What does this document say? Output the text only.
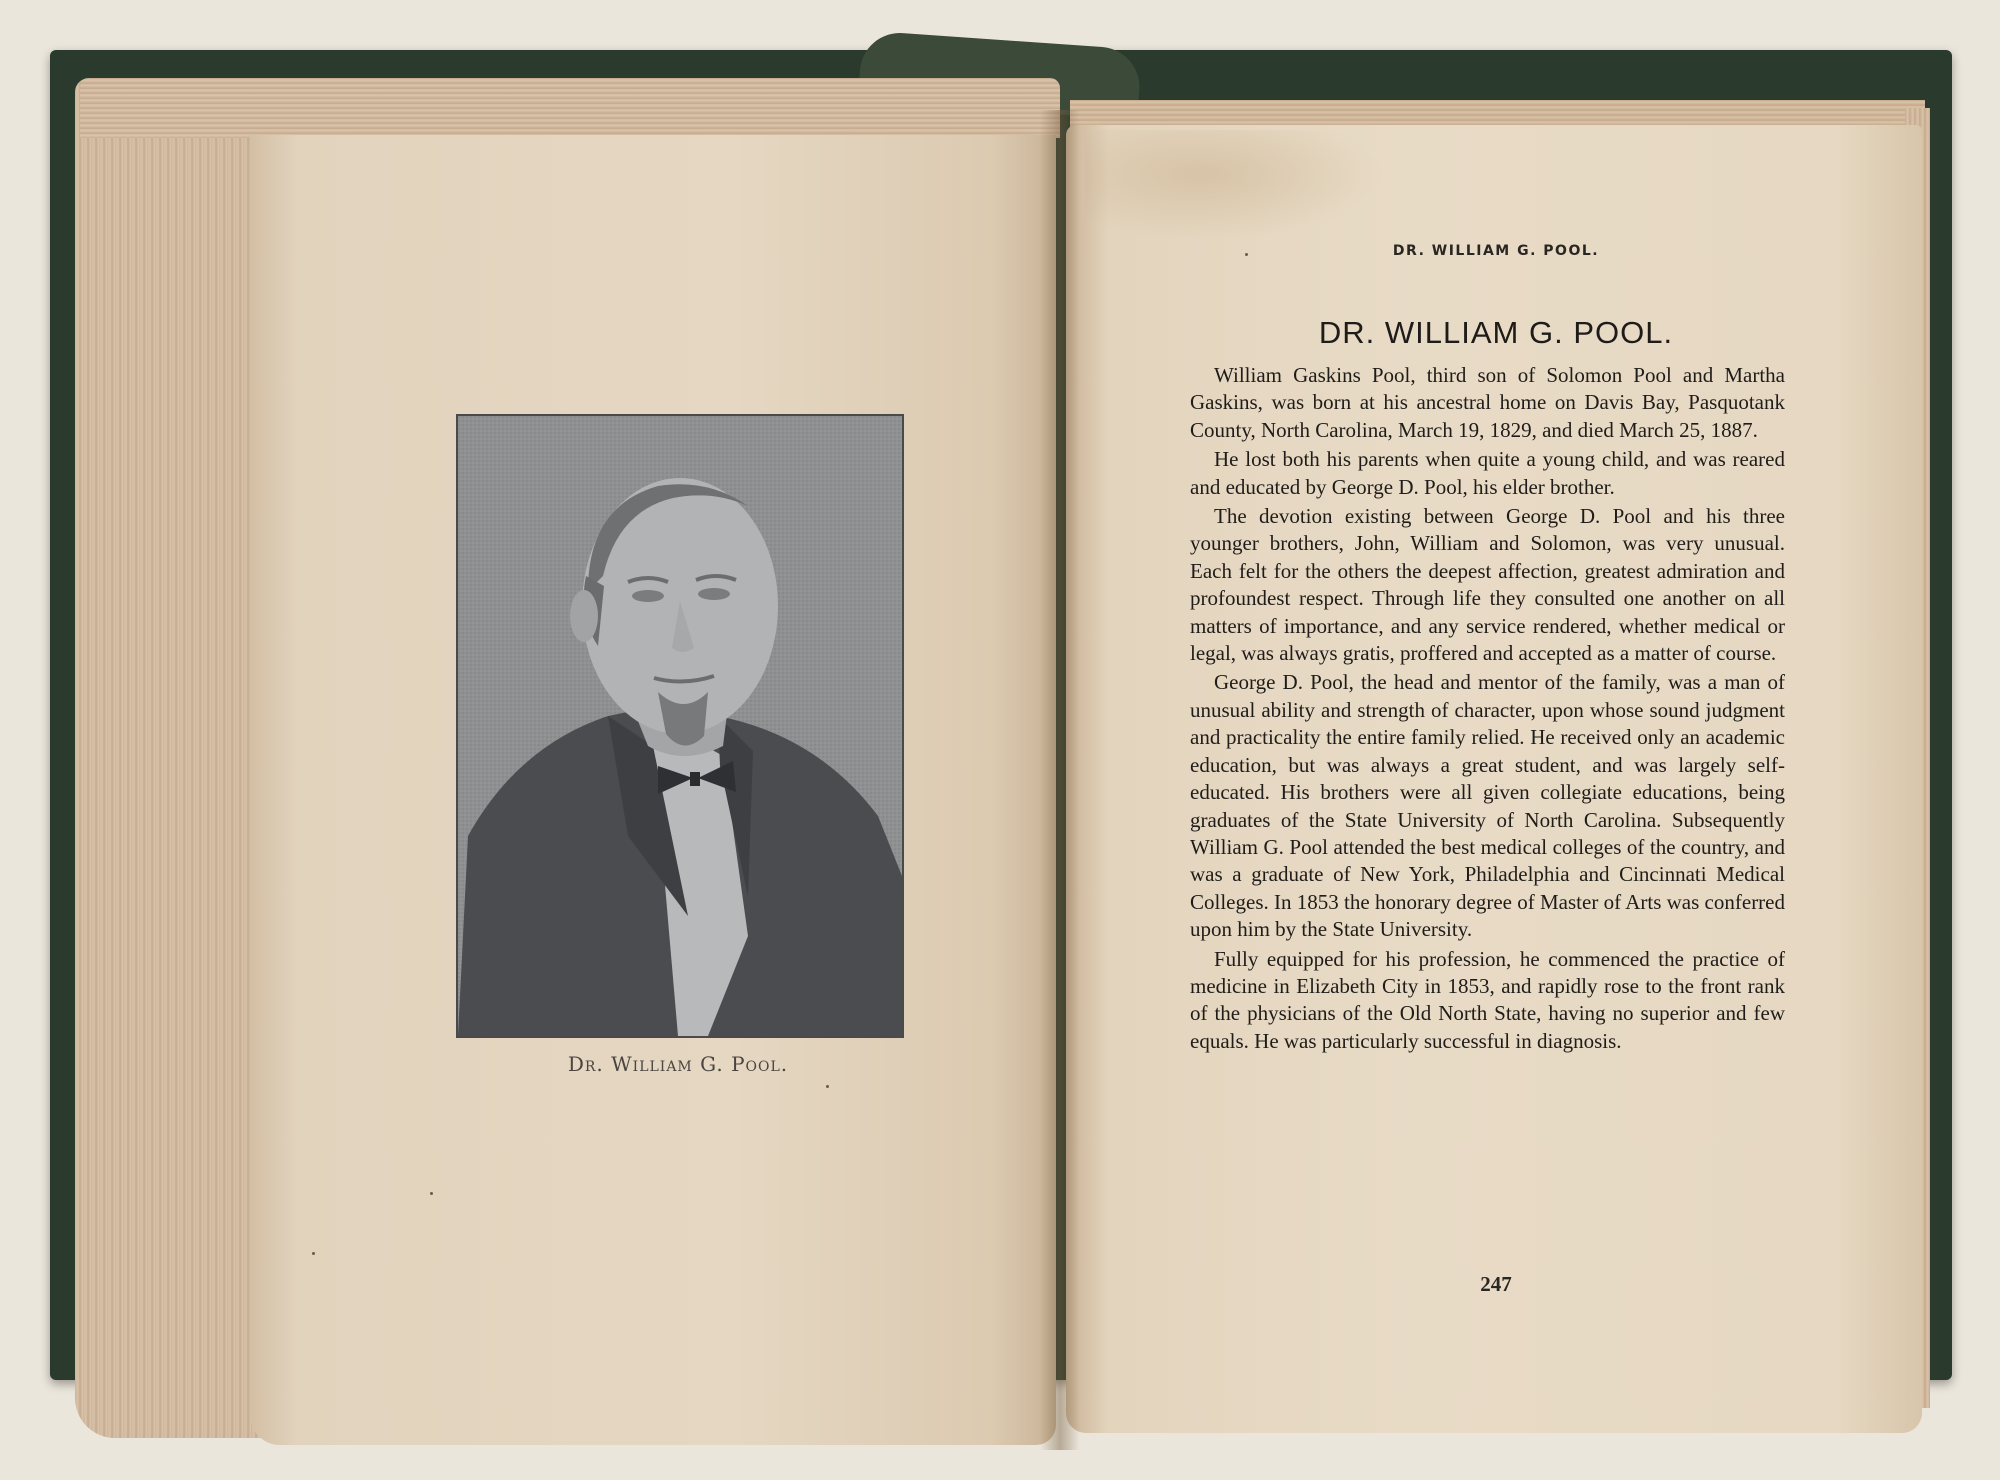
Dr. William G. Pool.
DR. WILLIAM G. POOL.
DR. WILLIAM G. POOL.

William Gaskins Pool, third son of Solomon Pool and Martha Gaskins, was born at his ancestral home on Davis Bay, Pasquotank County, North Carolina, March 19, 1829, and died March 25, 1887.

He lost both his parents when quite a young child, and was reared and educated by George D. Pool, his elder brother.

The devotion existing between George D. Pool and his three younger brothers, John, William and Solomon, was very unusual. Each felt for the others the deepest affection, greatest admiration and profoundest respect. Through life they consulted one another on all matters of importance, and any service rendered, whether medical or legal, was always gratis, proffered and accepted as a matter of course.

George D. Pool, the head and mentor of the family, was a man of unusual ability and strength of character, upon whose sound judgment and practicality the entire family relied. He received only an academic education, but was always a great student, and was largely self-educated. His brothers were all given collegiate educations, being graduates of the State University of North Carolina. Subsequently William G. Pool attended the best medical colleges of the country, and was a graduate of New York, Philadelphia and Cincinnati Medical Colleges. In 1853 the honorary degree of Master of Arts was conferred upon him by the State University.

Fully equipped for his profession, he commenced the practice of medicine in Elizabeth City in 1853, and rapidly rose to the front rank of the physicians of the Old North State, having no superior and few equals. He was particularly successful in diagnosis.

247
